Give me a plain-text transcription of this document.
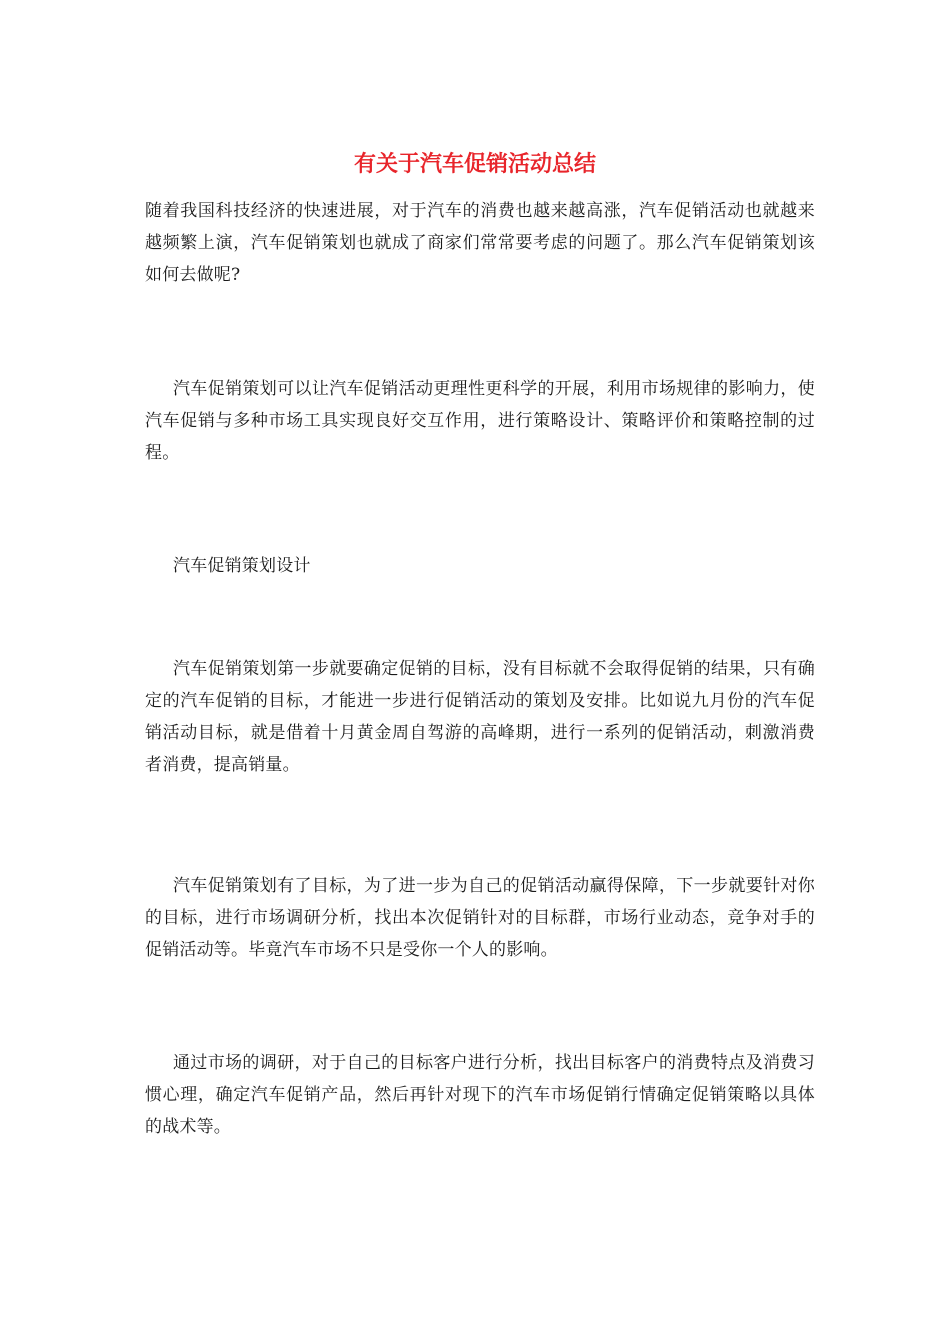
有关于汽车促销活动总结

随着我国科技经济的快速进展，对于汽车的消费也越来越高涨，汽车促销活动也就越来越频繁上演，汽车促销策划也就成了商家们常常要考虑的问题了。那么汽车促销策划该如何去做呢?

汽车促销策划可以让汽车促销活动更理性更科学的开展，利用市场规律的影响力，使汽车促销与多种市场工具实现良好交互作用，进行策略设计、策略评价和策略控制的过程。

汽车促销策划设计

汽车促销策划第一步就要确定促销的目标，没有目标就不会取得促销的结果，只有确定的汽车促销的目标，才能进一步进行促销活动的策划及安排。比如说九月份的汽车促销活动目标，就是借着十月黄金周自驾游的高峰期，进行一系列的促销活动，刺激消费者消费，提高销量。

汽车促销策划有了目标，为了进一步为自己的促销活动赢得保障，下一步就要针对你的目标，进行市场调研分析，找出本次促销针对的目标群，市场行业动态，竞争对手的促销活动等。毕竟汽车市场不只是受你一个人的影响。

通过市场的调研，对于自己的目标客户进行分析，找出目标客户的消费特点及消费习惯心理，确定汽车促销产品，然后再针对现下的汽车市场促销行情确定促销策略以具体的战术等。
